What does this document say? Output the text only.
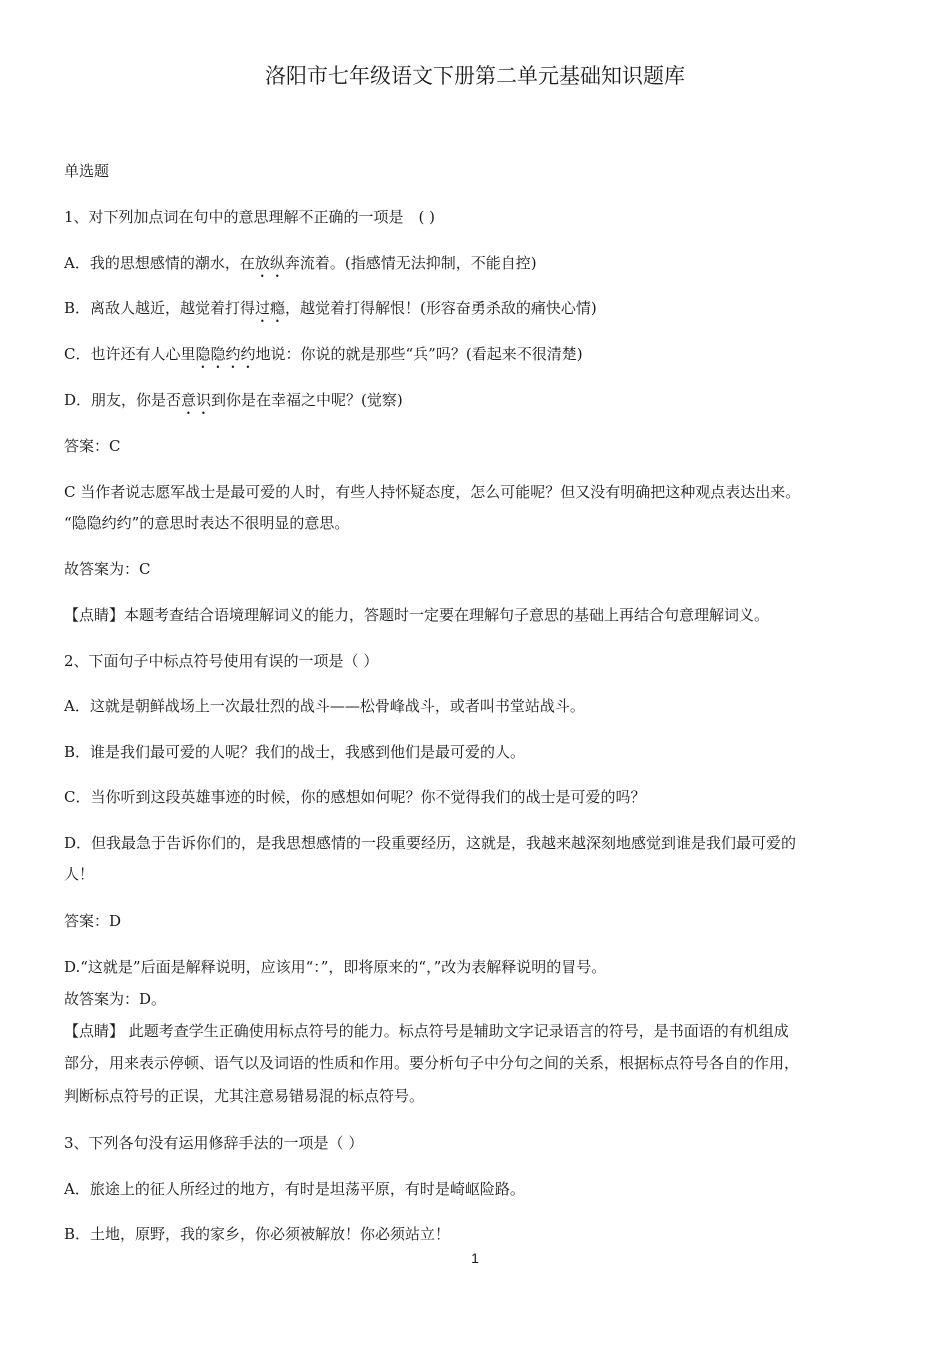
洛阳市七年级语文下册第二单元基础知识题库
单选题
1、对下列加点词在句中的意思理解不正确的一项是　( )
A．我的思想感情的潮水，在放纵奔流着。(指感情无法抑制，不能自控)
B．离敌人越近，越觉着打得过瘾，越觉着打得解恨！(形容奋勇杀敌的痛快心情)
C．也许还有人心里隐隐约约地说：你说的就是那些“兵”吗？(看起来不很清楚)
D．朋友，你是否意识到你是在幸福之中呢？(觉察)
答案：C
C 当作者说志愿军战士是最可爱的人时，有些人持怀疑态度，怎么可能呢？但又没有明确把这种观点表达出来。
“隐隐约约”的意思时表达不很明显的意思。
故答案为：C
【点睛】本题考查结合语境理解词义的能力，答题时一定要在理解句子意思的基础上再结合句意理解词义。
2、下面句子中标点符号使用有误的一项是（ ）
A．这就是朝鲜战场上一次最壮烈的战斗——松骨峰战斗，或者叫书堂站战斗。
B．谁是我们最可爱的人呢？我们的战士，我感到他们是最可爱的人。
C．当你听到这段英雄事迹的时候，你的感想如何呢？你不觉得我们的战士是可爱的吗？
D．但我最急于告诉你们的，是我思想感情的一段重要经历，这就是，我越来越深刻地感觉到谁是我们最可爱的
人！
答案：D
D.“这就是”后面是解释说明，应该用“：”，即将原来的“，”改为表解释说明的冒号。
故答案为：D。
【点睛】 此题考查学生正确使用标点符号的能力。标点符号是辅助文字记录语言的符号，是书面语的有机组成
部分，用来表示停顿、语气以及词语的性质和作用。要分析句子中分句之间的关系，根据标点符号各自的作用，
判断标点符号的正误，尤其注意易错易混的标点符号。
3、下列各句没有运用修辞手法的一项是（ ）
A．旅途上的征人所经过的地方，有时是坦荡平原，有时是崎岖险路。
B．土地，原野，我的家乡，你必须被解放！你必须站立！
1
